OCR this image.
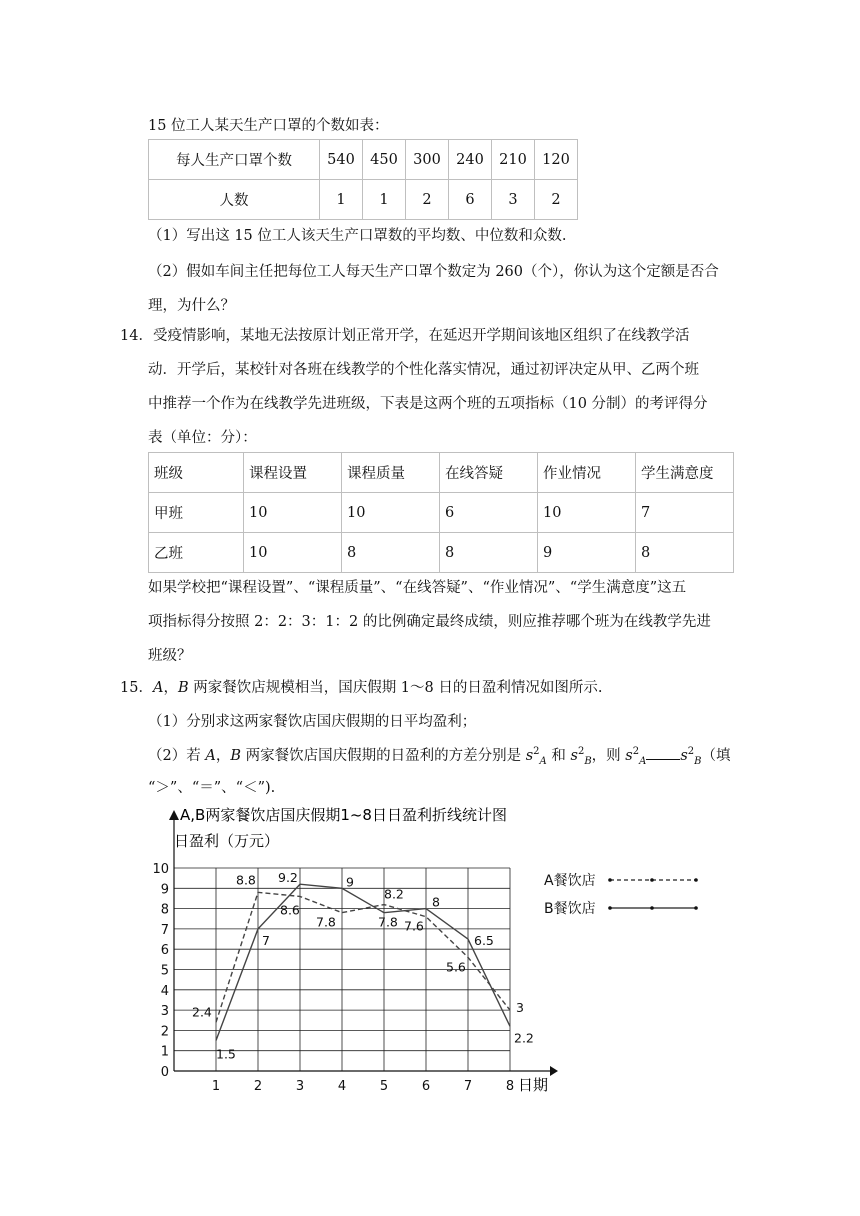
15 位工人某天生产口罩的个数如表：
每人生产口罩个数	540	450	300	240	210	120
人数	1	1	2	6	3	2
（1）写出这 15 位工人该天生产口罩数的平均数、中位数和众数.
（2）假如车间主任把每位工人每天生产口罩个数定为 260（个），你认为这个定额是否合
理，为什么？
14．受疫情影响，某地无法按原计划正常开学，在延迟开学期间该地区组织了在线教学活
动．开学后，某校针对各班在线教学的个性化落实情况，通过初评决定从甲、乙两个班
中推荐一个作为在线教学先进班级，下表是这两个班的五项指标（10 分制）的考评得分
表（单位：分）：
班级	课程设置	课程质量	在线答疑	作业情况	学生满意度
甲班	10	10	6	10	7
乙班	10	8	8	9	8
如果学校把“课程设置”、“课程质量”、“在线答疑”、“作业情况”、“学生满意度”这五
项指标得分按照 2：2：3：1：2 的比例确定最终成绩，则应推荐哪个班为在线教学先进
班级？
15．A，B 两家餐饮店规模相当，国庆假期 1～8 日的日盈利情况如图所示.
（1）分别求这两家餐饮店国庆假期的日平均盈利；
（2）若 A，B 两家餐饮店国庆假期的日盈利的方差分别是 $s^2_A$ 和 $s^2_B$，则 $s^2_A$ $s^2_B$（填
“＞”、“＝”、“＜”).
A,B两家餐饮店国庆假期1~8日日盈利折线统计图
日盈利（万元）
日期
0
1
2
3
4
5
6
7
8
9
10
1	2	3	4	5	6	7	8
2.4
8.8
8.6
7.8
8.2
7.6
5.6
3
1.5
7
9.2	9
7.8
8
6.5
2.2
A餐饮店
B餐饮店
